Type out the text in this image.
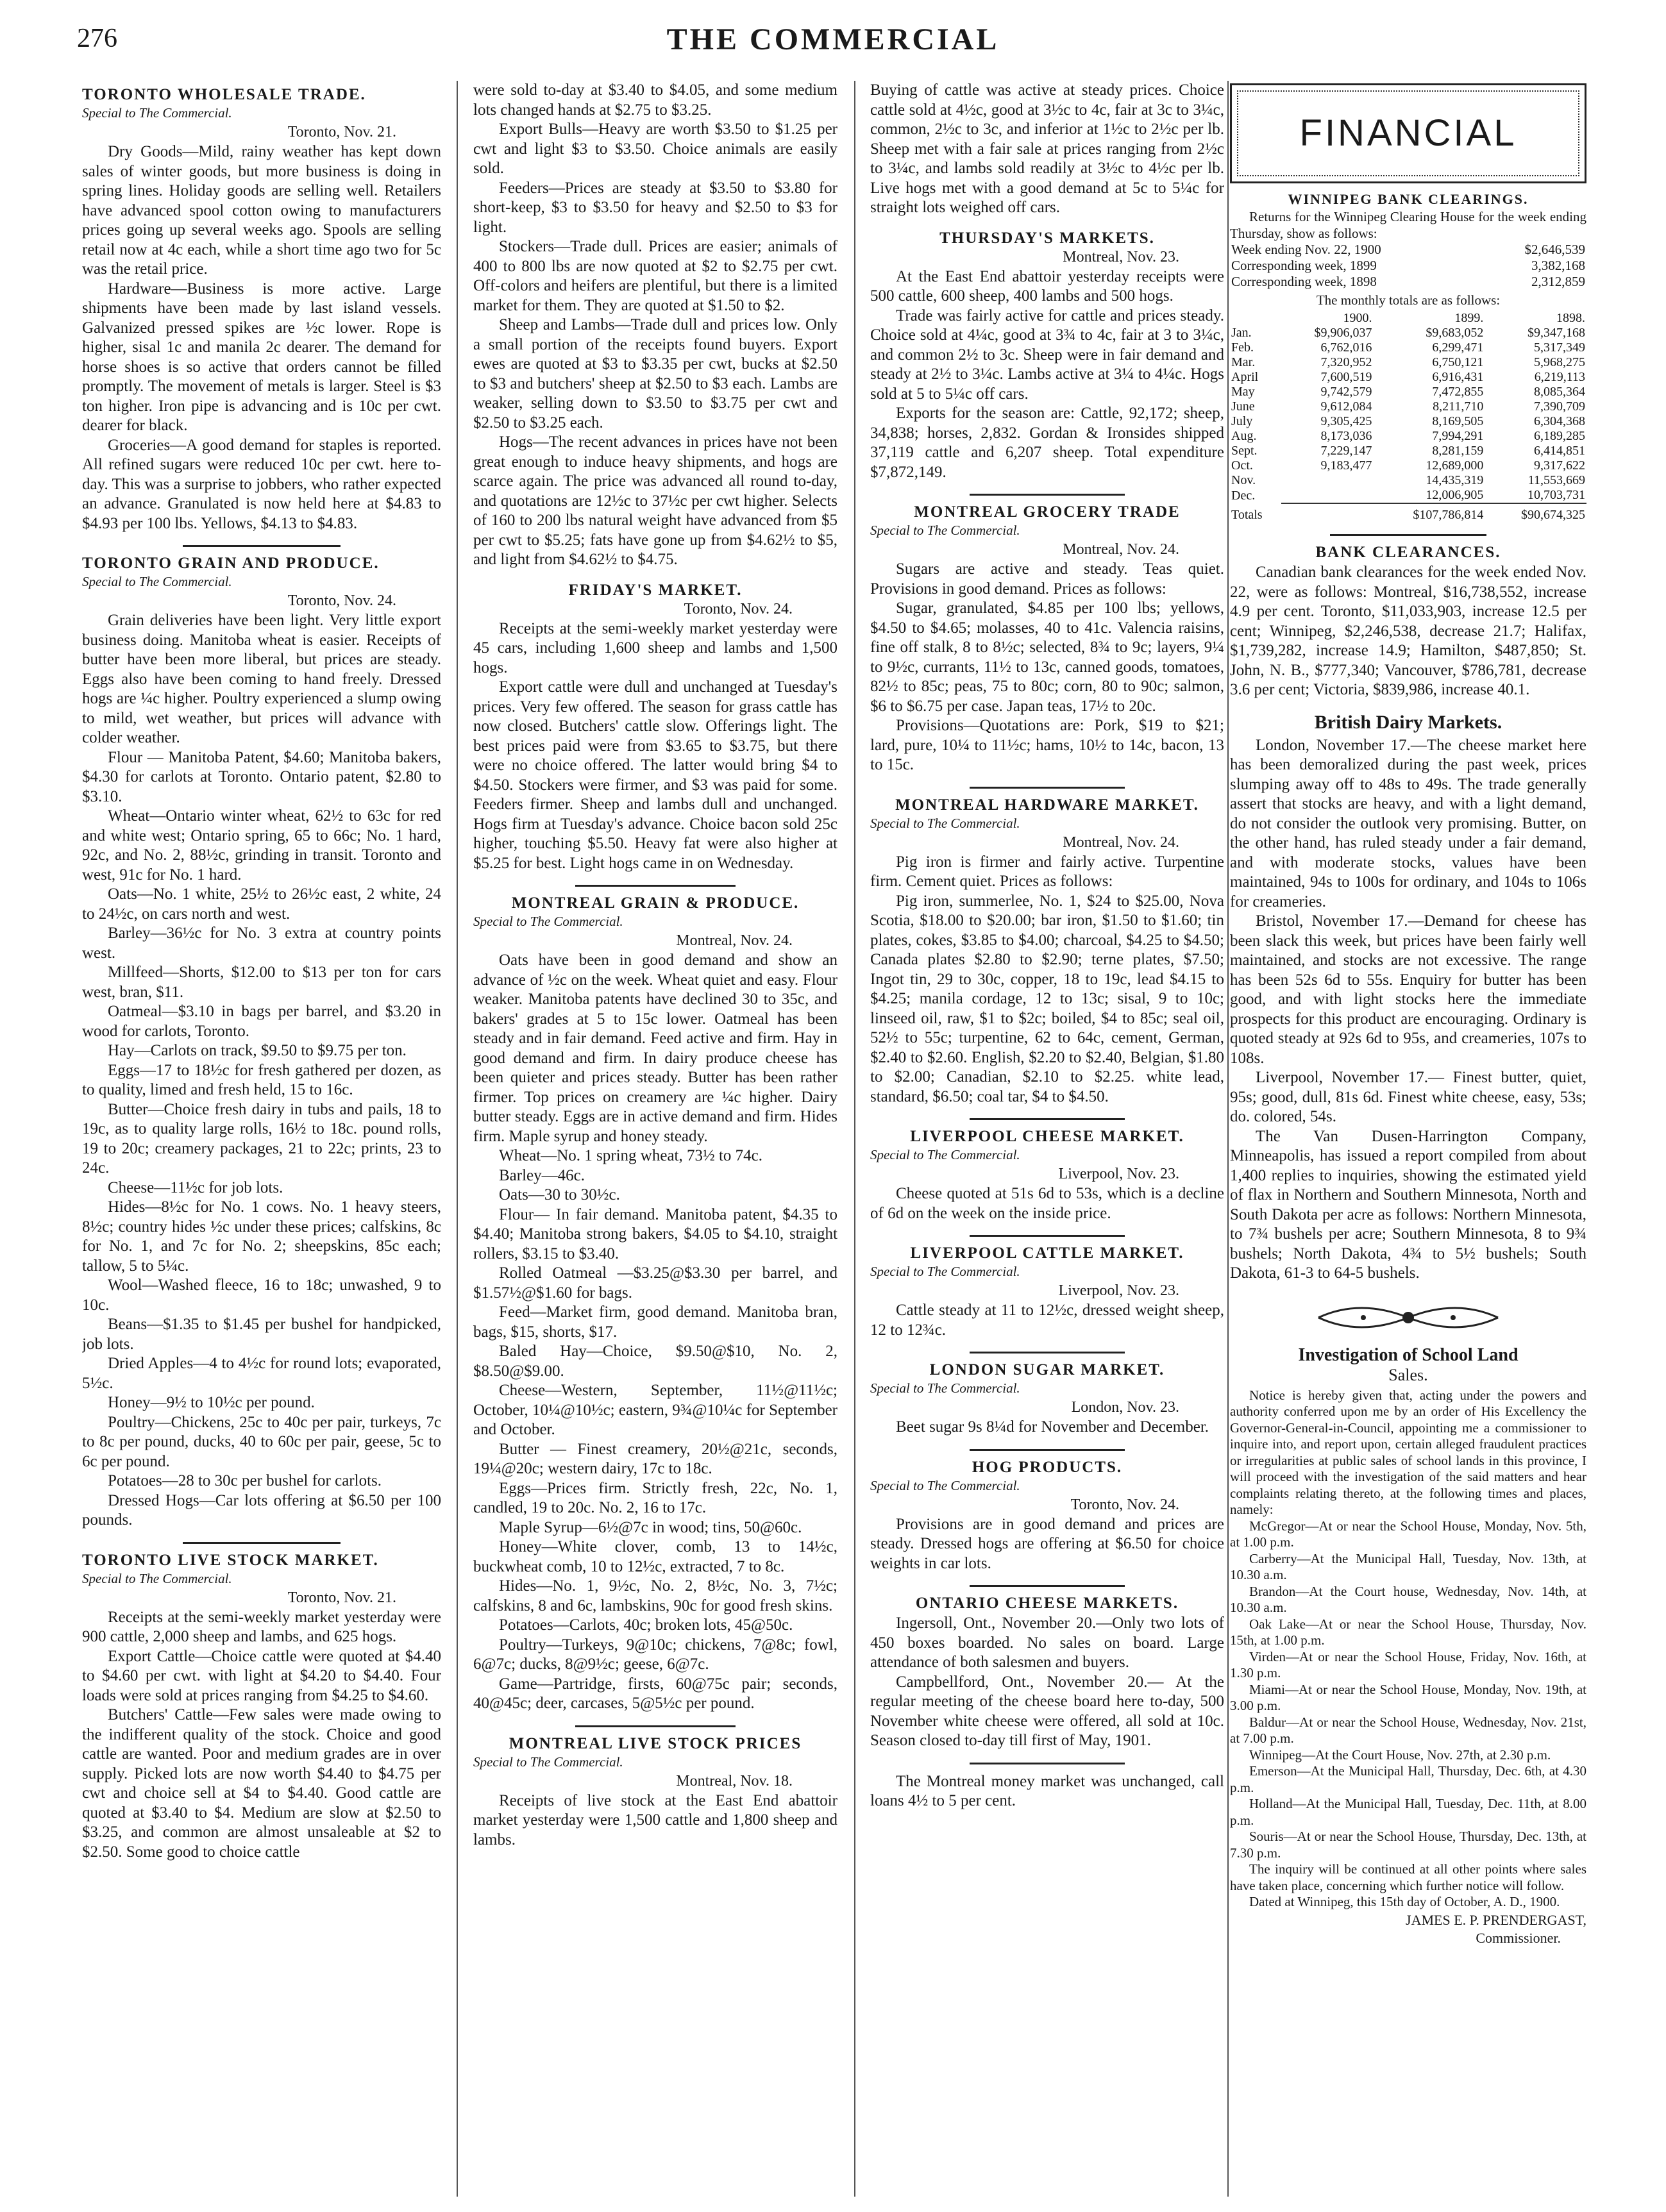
276	THE COMMERCIAL
TORONTO WHOLESALE TRADE.
Special to The Commercial.
Toronto, Nov. 21.

Dry Goods—Mild, rainy weather has kept down sales of winter goods, but more business is doing in spring lines. Holiday goods are selling well. Retailers have advanced spool cotton owing to manufacturers prices going up several weeks ago. Spools are selling retail now at 4c each, while a short time ago two for 5c was the retail price.

Hardware—Business is more active. Large shipments have been made by last island vessels. Galvanized pressed spikes are ½c lower. Rope is higher, sisal 1c and manila 2c dearer. The demand for horse shoes is so active that orders cannot be filled promptly. The movement of metals is larger. Steel is $3 ton higher. Iron pipe is advancing and is 10c per cwt. dearer for black.

Groceries—A good demand for staples is reported. All refined sugars were reduced 10c per cwt. here to-day. This was a surprise to jobbers, who rather expected an advance. Granulated is now held here at $4.83 to $4.93 per 100 lbs. Yellows, $4.13 to $4.83.

TORONTO GRAIN AND PRODUCE.
Special to The Commercial.
Toronto, Nov. 24.

Grain deliveries have been light. Very little export business doing. Manitoba wheat is easier. Receipts of butter have been more liberal, but prices are steady. Eggs also have been coming to hand freely. Dressed hogs are ¼c higher. Poultry experienced a slump owing to mild, wet weather, but prices will advance with colder weather.

Flour — Manitoba Patent, $4.60; Manitoba bakers, $4.30 for carlots at Toronto. Ontario patent, $2.80 to $3.10.

Wheat—Ontario winter wheat, 62½ to 63c for red and white west; Ontario spring, 65 to 66c; No. 1 hard, 92c, and No. 2, 88½c, grinding in transit. Toronto and west, 91c for No. 1 hard.

Oats—No. 1 white, 25½ to 26½c east, 2 white, 24 to 24½c, on cars north and west.

Barley—36½c for No. 3 extra at country points west.

Millfeed—Shorts, $12.00 to $13 per ton for cars west, bran, $11.

Oatmeal—$3.10 in bags per barrel, and $3.20 in wood for carlots, Toronto.

Hay—Carlots on track, $9.50 to $9.75 per ton.

Eggs—17 to 18½c for fresh gathered per dozen, as to quality, limed and fresh held, 15 to 16c.

Butter—Choice fresh dairy in tubs and pails, 18 to 19c, as to quality large rolls, 16½ to 18c. pound rolls, 19 to 20c; creamery packages, 21 to 22c; prints, 23 to 24c.

Cheese—11½c for job lots.

Hides—8½c for No. 1 cows. No. 1 heavy steers, 8½c; country hides ½c under these prices; calfskins, 8c for No. 1, and 7c for No. 2; sheepskins, 85c each; tallow, 5 to 5¼c.

Wool—Washed fleece, 16 to 18c; unwashed, 9 to 10c.

Beans—$1.35 to $1.45 per bushel for handpicked, job lots.

Dried Apples—4 to 4½c for round lots; evaporated, 5½c.

Honey—9½ to 10½c per pound.

Poultry—Chickens, 25c to 40c per pair, turkeys, 7c to 8c per pound, ducks, 40 to 60c per pair, geese, 5c to 6c per pound.

Potatoes—28 to 30c per bushel for carlots.

Dressed Hogs—Car lots offering at $6.50 per 100 pounds.

TORONTO LIVE STOCK MARKET.
Special to The Commercial.
Toronto, Nov. 21.

Receipts at the semi-weekly market yesterday were 900 cattle, 2,000 sheep and lambs, and 625 hogs.

Export Cattle—Choice cattle were quoted at $4.40 to $4.60 per cwt. with light at $4.20 to $4.40. Four loads were sold at prices ranging from $4.25 to $4.60.

Butchers' Cattle—Few sales were made owing to the indifferent quality of the stock. Choice and good cattle are wanted. Poor and medium grades are in over supply. Picked lots are now worth $4.40 to $4.75 per cwt and choice sell at $4 to $4.40. Good cattle are quoted at $3.40 to $4. Medium are slow at $2.50 to $3.25, and common are almost unsaleable at $2 to $2.50. Some good to choice cattle

were sold to-day at $3.40 to $4.05, and some medium lots changed hands at $2.75 to $3.25.

Export Bulls—Heavy are worth $3.50 to $1.25 per cwt and light $3 to $3.50. Choice animals are easily sold.

Feeders—Prices are steady at $3.50 to $3.80 for short-keep, $3 to $3.50 for heavy and $2.50 to $3 for light.

Stockers—Trade dull. Prices are easier; animals of 400 to 800 lbs are now quoted at $2 to $2.75 per cwt. Off-colors and heifers are plentiful, but there is a limited market for them. They are quoted at $1.50 to $2.

Sheep and Lambs—Trade dull and prices low. Only a small portion of the receipts found buyers. Export ewes are quoted at $3 to $3.35 per cwt, bucks at $2.50 to $3 and butchers' sheep at $2.50 to $3 each. Lambs are weaker, selling down to $3.50 to $3.75 per cwt and $2.50 to $3.25 each.

Hogs—The recent advances in prices have not been great enough to induce heavy shipments, and hogs are scarce again. The price was advanced all round to-day, and quotations are 12½c to 37½c per cwt higher. Selects of 160 to 200 lbs natural weight have advanced from $5 per cwt to $5.25; fats have gone up from $4.62½ to $5, and light from $4.62½ to $4.75.

FRIDAY'S MARKET.
Toronto, Nov. 24.

Receipts at the semi-weekly market yesterday were 45 cars, including 1,600 sheep and lambs and 1,500 hogs.

Export cattle were dull and unchanged at Tuesday's prices. Very few offered. The season for grass cattle has now closed. Butchers' cattle slow. Offerings light. The best prices paid were from $3.65 to $3.75, but there were no choice offered. The latter would bring $4 to $4.50. Stockers were firmer, and $3 was paid for some. Feeders firmer. Sheep and lambs dull and unchanged. Hogs firm at Tuesday's advance. Choice bacon sold 25c higher, touching $5.50. Heavy fat were also higher at $5.25 for best. Light hogs came in on Wednesday.

MONTREAL GRAIN & PRODUCE.
Special to The Commercial.
Montreal, Nov. 24.

Oats have been in good demand and show an advance of ½c on the week. Wheat quiet and easy. Flour weaker. Manitoba patents have declined 30 to 35c, and bakers' grades at 5 to 15c lower. Oatmeal has been steady and in fair demand. Feed active and firm. Hay in good demand and firm. In dairy produce cheese has been quieter and prices steady. Butter has been rather firmer. Top prices on creamery are ¼c higher. Dairy butter steady. Eggs are in active demand and firm. Hides firm. Maple syrup and honey steady.

Wheat—No. 1 spring wheat, 73½ to 74c.

Barley—46c.

Oats—30 to 30½c.

Flour— In fair demand. Manitoba patent, $4.35 to $4.40; Manitoba strong bakers, $4.05 to $4.10, straight rollers, $3.15 to $3.40.

Rolled Oatmeal —$3.25@$3.30 per barrel, and $1.57½@$1.60 for bags.

Feed—Market firm, good demand. Manitoba bran, bags, $15, shorts, $17.

Baled Hay—Choice, $9.50@$10, No. 2, $8.50@$9.00.

Cheese—Western, September, 11½@11½c; October, 10¼@10½c; eastern, 9¾@10¼c for September and October.

Butter — Finest creamery, 20½@21c, seconds, 19¼@20c; western dairy, 17c to 18c.

Eggs—Prices firm. Strictly fresh, 22c, No. 1, candled, 19 to 20c. No. 2, 16 to 17c.

Maple Syrup—6½@7c in wood; tins, 50@60c.

Honey—White clover, comb, 13 to 14½c, buckwheat comb, 10 to 12½c, extracted, 7 to 8c.

Hides—No. 1, 9½c, No. 2, 8½c, No. 3, 7½c; calfskins, 8 and 6c, lambskins, 90c for good fresh skins.

Potatoes—Carlots, 40c; broken lots, 45@50c.

Poultry—Turkeys, 9@10c; chickens, 7@8c; fowl, 6@7c; ducks, 8@9½c; geese, 6@7c.

Game—Partridge, firsts, 60@75c pair; seconds, 40@45c; deer, carcases, 5@5½c per pound.

MONTREAL LIVE STOCK PRICES
Special to The Commercial.
Montreal, Nov. 18.

Receipts of live stock at the East End abattoir market yesterday were 1,500 cattle and 1,800 sheep and lambs.

Buying of cattle was active at steady prices. Choice cattle sold at 4½c, good at 3½c to 4c, fair at 3c to 3¼c, common, 2½c to 3c, and inferior at 1½c to 2½c per lb. Sheep met with a fair sale at prices ranging from 2½c to 3¼c, and lambs sold readily at 3½c to 4½c per lb. Live hogs met with a good demand at 5c to 5¼c for straight lots weighed off cars.

THURSDAY'S MARKETS.
Montreal, Nov. 23.

At the East End abattoir yesterday receipts were 500 cattle, 600 sheep, 400 lambs and 500 hogs.

Trade was fairly active for cattle and prices steady. Choice sold at 4¼c, good at 3¾ to 4c, fair at 3 to 3¼c, and common 2½ to 3c. Sheep were in fair demand and steady at 2½ to 3¼c. Lambs active at 3¼ to 4¼c. Hogs sold at 5 to 5¼c off cars.

Exports for the season are: Cattle, 92,172; sheep, 34,838; horses, 2,832. Gordan & Ironsides shipped 37,119 cattle and 6,207 sheep. Total expenditure $7,872,149.

MONTREAL GROCERY TRADE
Special to The Commercial.
Montreal, Nov. 24.

Sugars are active and steady. Teas quiet. Provisions in good demand. Prices as follows:

Sugar, granulated, $4.85 per 100 lbs; yellows, $4.50 to $4.65; molasses, 40 to 41c. Valencia raisins, fine off stalk, 8 to 8½c; selected, 8¾ to 9c; layers, 9¼ to 9½c, currants, 11½ to 13c, canned goods, tomatoes, 82½ to 85c; peas, 75 to 80c; corn, 80 to 90c; salmon, $6 to $6.75 per case. Japan teas, 17½ to 20c.

Provisions—Quotations are: Pork, $19 to $21; lard, pure, 10¼ to 11½c; hams, 10½ to 14c, bacon, 13 to 15c.

MONTREAL HARDWARE MARKET.
Special to The Commercial.
Montreal, Nov. 24.

Pig iron is firmer and fairly active. Turpentine firm. Cement quiet. Prices as follows:

Pig iron, summerlee, No. 1, $24 to $25.00, Nova Scotia, $18.00 to $20.00; bar iron, $1.50 to $1.60; tin plates, cokes, $3.85 to $4.00; charcoal, $4.25 to $4.50; Canada plates $2.80 to $2.90; terne plates, $7.50; Ingot tin, 29 to 30c, copper, 18 to 19c, lead $4.15 to $4.25; manila cordage, 12 to 13c; sisal, 9 to 10c; linseed oil, raw, $1 to $2c; boiled, $4 to 85c; seal oil, 52½ to 55c; turpentine, 62 to 64c, cement, German, $2.40 to $2.60. English, $2.20 to $2.40, Belgian, $1.80 to $2.00; Canadian, $2.10 to $2.25. white lead, standard, $6.50; coal tar, $4 to $4.50.

LIVERPOOL CHEESE MARKET.
Special to The Commercial.
Liverpool, Nov. 23.

Cheese quoted at 51s 6d to 53s, which is a decline of 6d on the week on the inside price.

LIVERPOOL CATTLE MARKET.
Special to The Commercial.
Liverpool, Nov. 23.

Cattle steady at 11 to 12½c, dressed weight sheep, 12 to 12¾c.

LONDON SUGAR MARKET.
Special to The Commercial.
London, Nov. 23.

Beet sugar 9s 8¼d for November and December.

HOG PRODUCTS.
Special to The Commercial.
Toronto, Nov. 24.

Provisions are in good demand and prices are steady. Dressed hogs are offering at $6.50 for choice weights in car lots.

ONTARIO CHEESE MARKETS.

Ingersoll, Ont., November 20.—Only two lots of 450 boxes boarded. No sales on board. Large attendance of both salesmen and buyers.

Campbellford, Ont., November 20.— At the regular meeting of the cheese board here to-day, 500 November white cheese were offered, all sold at 10c. Season closed to-day till first of May, 1901.

The Montreal money market was unchanged, call loans 4½ to 5 per cent.

FINANCIAL
WINNIPEG BANK CLEARINGS.

Returns for the Winnipeg Clearing House for the week ending Thursday, show as follows:

Week ending Nov. 22, 1900	$2,646,539
Corresponding week, 1899	3,382,168
Corresponding week, 1898	2,312,859
The monthly totals are as follows:
	1900.	1899.	1898.
Jan.	$9,906,037	$9,683,052	$9,347,168
Feb.	6,762,016	6,299,471	5,317,349
Mar.	7,320,952	6,750,121	5,968,275
April	7,600,519	6,916,431	6,219,113
May	9,742,579	7,472,855	8,085,364
June	9,612,084	8,211,710	7,390,709
July	9,305,425	8,169,505	6,304,368
Aug.	8,173,036	7,994,291	6,189,285
Sept.	7,229,147	8,281,159	6,414,851
Oct.	9,183,477	12,689,000	9,317,622
Nov.		14,435,319	11,553,669
Dec.		12,006,905	10,703,731
Totals		$107,786,814	$90,674,325
BANK CLEARANCES.

Canadian bank clearances for the week ended Nov. 22, were as follows: Montreal, $16,738,552, increase 4.9 per cent. Toronto, $11,033,903, increase 12.5 per cent; Winnipeg, $2,246,538, decrease 21.7; Halifax, $1,739,282, increase 14.9; Hamilton, $487,850; St. John, N. B., $777,340; Vancouver, $786,781, decrease 3.6 per cent; Victoria, $839,986, increase 40.1.

British Dairy Markets.

London, November 17.—The cheese market here has been demoralized during the past week, prices slumping away off to 48s to 49s. The trade generally assert that stocks are heavy, and with a light demand, do not consider the outlook very promising. Butter, on the other hand, has ruled steady under a fair demand, and with moderate stocks, values have been maintained, 94s to 100s for ordinary, and 104s to 106s for creameries.

Bristol, November 17.—Demand for cheese has been slack this week, but prices have been fairly well maintained, and stocks are not excessive. The range has been 52s 6d to 55s. Enquiry for butter has been good, and with light stocks here the immediate prospects for this product are encouraging. Ordinary is quoted steady at 92s 6d to 95s, and creameries, 107s to 108s.

Liverpool, November 17.— Finest butter, quiet, 95s; good, dull, 81s 6d. Finest white cheese, easy, 53s; do. colored, 54s.

The Van Dusen-Harrington Company, Minneapolis, has issued a report compiled from about 1,400 replies to inquiries, showing the estimated yield of flax in Northern and Southern Minnesota, North and South Dakota per acre as follows: Northern Minnesota, to 7¾ bushels per acre; Southern Minnesota, 8 to 9¾ bushels; North Dakota, 4¾ to 5½ bushels; South Dakota, 61-3 to 64-5 bushels.

Investigation of School Land
Sales.

Notice is hereby given that, acting under the powers and authority conferred upon me by an order of His Excellency the Governor-General-in-Council, appointing me a commissioner to inquire into, and report upon, certain alleged fraudulent practices or irregularities at public sales of school lands in this province, I will proceed with the investigation of the said matters and hear complaints relating thereto, at the following times and places, namely:

McGregor—At or near the School House, Monday, Nov. 5th, at 1.00 p.m.

Carberry—At the Municipal Hall, Tuesday, Nov. 13th, at 10.30 a.m.

Brandon—At the Court house, Wednesday, Nov. 14th, at 10.30 a.m.

Oak Lake—At or near the School House, Thursday, Nov. 15th, at 1.00 p.m.

Virden—At or near the School House, Friday, Nov. 16th, at 1.30 p.m.

Miami—At or near the School House, Monday, Nov. 19th, at 3.00 p.m.

Baldur—At or near the School House, Wednesday, Nov. 21st, at 7.00 p.m.

Winnipeg—At the Court House, Nov. 27th, at 2.30 p.m.

Emerson—At the Municipal Hall, Thursday, Dec. 6th, at 4.30 p.m.

Holland—At the Municipal Hall, Tuesday, Dec. 11th, at 8.00 p.m.

Souris—At or near the School House, Thursday, Dec. 13th, at 7.30 p.m.

The inquiry will be continued at all other points where sales have taken place, concerning which further notice will follow.

Dated at Winnipeg, this 15th day of October, A. D., 1900.

JAMES E. P. PRENDERGAST,
Commissioner.
